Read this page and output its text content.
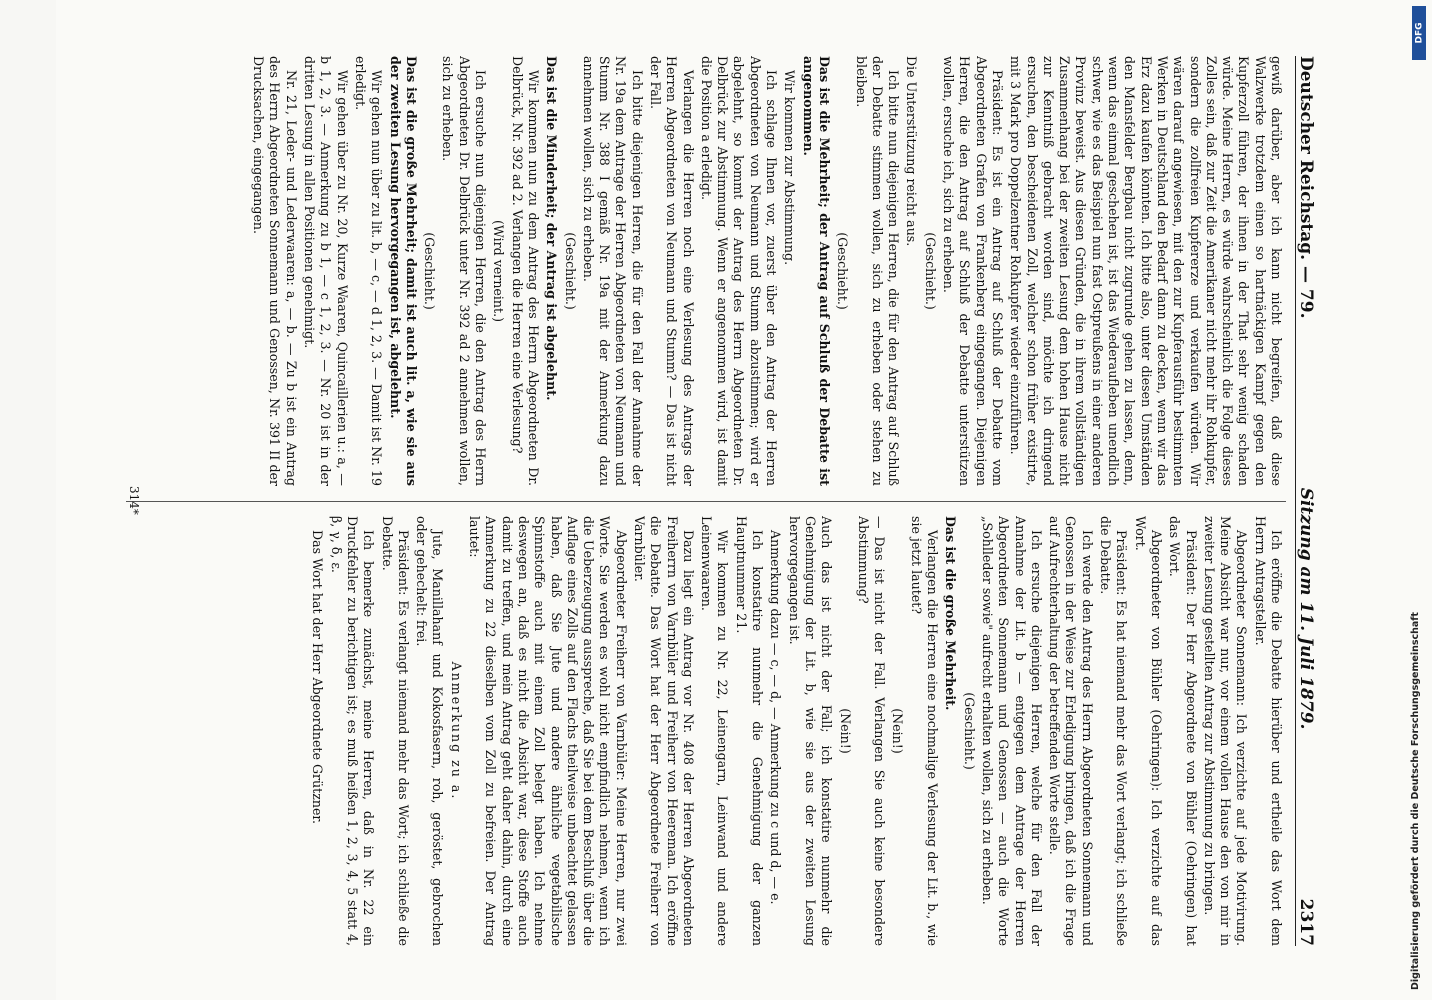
Deutscher Reichstag. — 79.
Sitzung am 11. Juli 1879.
2317

gewiß darüber, aber ich kann nicht begreifen, daß diese Walzwerke trotzdem einen so hartnäckigen Kampf gegen den Kupferzoll führen, der ihnen in der That sehr wenig schaden würde. Meine Herren, es würde wahrscheinlich die Folge dieses Zolles sein, daß zur Zeit die Amerikaner nicht mehr ihr Rohkupfer, sondern die zollfreien Kupfererze und verkaufen würden. Wir wären darauf angewiesen, mit den zur Kupferausführ bestimmten Werken in Deutschland den Bedarf dann zu decken, wenn wir das Erz dazu kaufen könnten. Ich bitte also, unter diesen Umständen den Mansfelder Bergbau nicht zugrunde gehen zu lassen, denn, wenn das einmal geschehen ist, ist das Wiederaufleben unendlich schwer, wie es das Beispiel nun fast Ostpreußens in einer anderen Provinz beweist. Aus diesen Gründen, die in ihrem vollständigen Zusammenhang bei der zweiten Lesung dem hohen Hause nicht zur Kenntniß gebracht worden sind, möchte ich dringend ersuchen, den bescheidenen Zoll, welcher schon früher existirte, mit 3 Mark pro Doppelzentner Rohkupfer wieder einzuführen.

Präsident: Es ist ein Antrag auf Schluß der Debatte vom Abgeordneten Grafen von Frankenberg eingegangen. Diejenigen Herren, die den Antrag auf Schluß der Debatte unterstützen wollen, ersuche ich, sich zu erheben.

(Geschieht.)

Die Unterstützung reicht aus.

Ich bitte nun diejenigen Herren, die für den Antrag auf Schluß der Debatte stimmen wollen, sich zu erheben oder stehen zu bleiben.

(Geschieht.)

Das ist die Mehrheit; der Antrag auf Schluß der Debatte ist angenommen.

Wir kommen zur Abstimmung.

Ich schlage Ihnen vor, zuerst über den Antrag der Herren Abgeordneten von Neumann und Stumm abzustimmen; wird er abgelehnt, so kommt der Antrag des Herrn Abgeordneten Dr. Delbrück zur Abstimmung. Wenn er angenommen wird, ist damit die Position a erledigt.

Verlangen die Herren noch eine Verlesung des Antrags der Herren Abgeordneten von Neumann und Stumm? — Das ist nicht der Fall.

Ich bitte diejenigen Herren, die für den Fall der Annahme der Nr. 19a dem Antrage der Herren Abgeordneten von Neumann und Stumm Nr. 388 I gemäß Nr. 19a mit der Anmerkung dazu annehmen wollen, sich zu erheben.

(Geschieht.)

Das ist die Minderheit; der Antrag ist abgelehnt.

Wir kommen nun zu dem Antrag des Herrn Abgeordneten Dr. Delbrück, Nr. 392 ad 2. Verlangen die Herren eine Verlesung?

(Wird verneint.)

Ich ersuche nun diejenigen Herren, die den Antrag des Herrn Abgeordneten Dr. Delbrück unter Nr. 392 ad 2 annehmen wollen, sich zu erheben.

(Geschieht.)

Das ist die große Mehrheit; damit ist auch lit. a, wie sie aus der zweiten Lesung hervorgegangen ist, abgelehnt.

Wir gehen nun über zu lit. b, — c, — d 1, 2, 3. — Damit ist Nr. 19 erledigt.

Wir gehen über zu Nr. 20, Kurze Waaren, Quincaillerien u.: a, — b 1, 2, 3. — Anmerkung zu b 1, — c 1, 2, 3. — Nr. 20 ist in der dritten Lesung in allen Positionen genehmigt.

Nr. 21, Leder- und Lederwaaren: a, — b. — Zu b ist ein Antrag des Herrn Abgeordneten Sonnemann und Genossen, Nr. 391 II der Drucksachen, eingegangen.

Ich eröffne die Debatte hierüber und ertheile das Wort dem Herrn Antragsteller.

Abgeordneter Sonnemann: Ich verzichte auf jede Motivirung. Meine Absicht war nur, vor einem vollen Hause den von mir in zweiter Lesung gestellten Antrag zur Abstimmung zu bringen.

Präsident: Der Herr Abgeordnete von Bühler (Oehringen) hat das Wort.

Abgeordneter von Bühler (Oehringen): Ich verzichte auf das Wort.

Präsident: Es hat niemand mehr das Wort verlangt; ich schließe die Debatte.

Ich werde den Antrag des Herrn Abgeordneten Sonnemann und Genossen in der Weise zur Erledigung bringen, daß ich die Frage auf Aufrechterhaltung der betreffenden Worte stelle.

Ich ersuche diejenigen Herren, welche für den Fall der Annahme der Lit. b — entgegen dem Antrage der Herren Abgeordneten Sonnemann und Genossen — auch die Worte „Sohlleder sowie" aufrecht erhalten wollen, sich zu erheben.

(Geschieht.)

Das ist die große Mehrheit.

Verlangen die Herren eine nochmalige Verlesung der Lit. b., wie sie jetzt lautet?

(Nein!)

— Das ist nicht der Fall. Verlangen Sie auch keine besondere Abstimmung?

(Nein!)

Auch das ist nicht der Fall; ich konstatire nunmehr die Genehmigung der Lit. b, wie sie aus der zweiten Lesung hervorgegangen ist.

Anmerkung dazu — c, — d, — Anmerkung zu c und d, — e.

Ich konstatire nunmehr die Genehmigung der ganzen Hauptnummer 21.

Wir kommen zu Nr. 22, Leinengarn, Leinwand und andere Leinenwaaren.

Dazu liegt ein Antrag vor Nr. 408 der Herren Abgeordneten Freiherrn von Varnbüler und Freiherr von Heereman. Ich eröffne die Debatte. Das Wort hat der Herr Abgeordnete Freiherr von Varnbüler.

Abgeordneter Freiherr von Varnbüler: Meine Herren, nur zwei Worte. Sie werden es wohl nicht empfindlich nehmen, wenn ich die Ueberzeugung ausspreche, daß Sie bei dem Beschluß über die Auflage eines Zolls auf den Flachs theilweise unbeachtet gelassen haben, daß Sie Jute und andere ähnliche vegetabilische Spinnstoffe auch mit einem Zoll belegt haben. Ich nehme deswegen an, daß es nicht die Absicht war, diese Stoffe auch damit zu treffen, und mein Antrag geht daher dahin, durch eine Anmerkung zu 22 dieselben vom Zoll zu befreien. Der Antrag lautet:

Anmerkung zu a.

Jute, Manillahanf und Kokosfasern, roh, geröstet, gebrochen oder gehechelt: frei.

Präsident: Es verlangt niemand mehr das Wort; ich schließe die Debatte.

Ich bemerke zunächst, meine Herren, daß in Nr. 22 ein Druckfehler zu berichtigen ist; es muß heißen 1, 2, 3, 4, 5 statt 4, β, γ, δ, ε.

Das Wort hat der Herr Abgeordnete Grützner.

314*
DFG
Digitalisierung gefördert durch die Deutsche Forschungsgemeinschaft
